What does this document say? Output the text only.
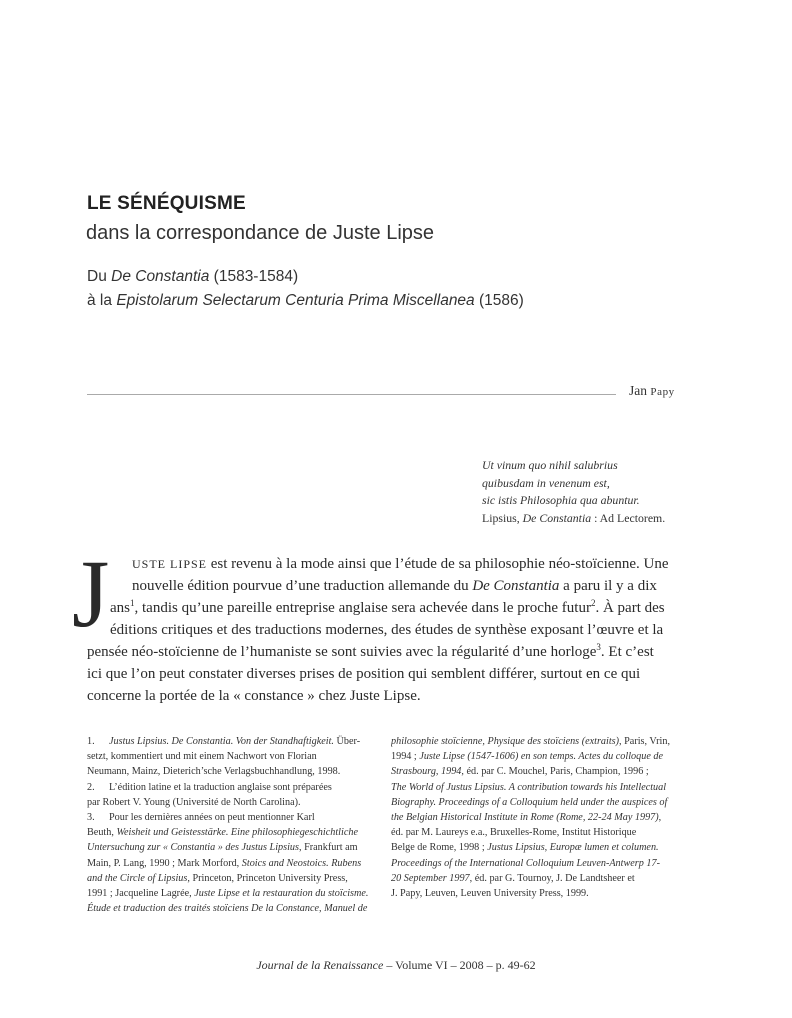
LE SÉNÉQUISME
dans la correspondance de Juste Lipse
Du De Constantia (1583-1584)
à la Epistolarum Selectarum Centuria Prima Miscellanea (1586)
Jan Papy
Ut vinum quo nihil salubrius
quibusdam in venenum est,
sic istis Philosophia qua abuntur.
Lipsius, De Constantia : Ad Lectorem.
J USTE LIPSE est revenu à la mode ainsi que l’étude de sa philosophie néo-stoïcienne. Une
nouvelle édition pourvue d’une traduction allemande du De Constantia a paru il y a dix
ans$^1$, tandis qu’une pareille entreprise anglaise sera achevée dans le proche futur$^2$. À part des
éditions critiques et des traductions modernes, des études de synthèse exposant l’œuvre et la
pensée néo-stoïcienne de l’humaniste se sont suivies avec la régularité d’une horloge$^3$. Et c’est
ici que l’on peut constater diverses prises de position qui semblent différer, surtout en ce qui
concerne la portée de la « constance » chez Juste Lipse.
1. Justus Lipsius. De Constantia. Von der Standhaftigkeit. Über-
setzt, kommentiert und mit einem Nachwort von Florian
Neumann, Mainz, Dieterich’sche Verlagsbuchhandlung, 1998.
2. L’édition latine et la traduction anglaise sont préparées
par Robert V. Young (Université de North Carolina).
3. Pour les dernières années on peut mentionner Karl
Beuth, Weisheit und Geistesstärke. Eine philosophiegeschichtliche
Untersuchung zur « Constantia » des Justus Lipsius, Frankfurt am
Main, P. Lang, 1990 ; Mark Morford, Stoics and Neostoics. Rubens
and the Circle of Lipsius, Princeton, Princeton University Press,
1991 ; Jacqueline Lagrée, Juste Lipse et la restauration du stoïcisme.
Étude et traduction des traités stoïciens De la Constance, Manuel de
philosophie stoïcienne, Physique des stoïciens (extraits), Paris, Vrin,
1994 ; Juste Lipse (1547-1606) en son temps. Actes du colloque de
Strasbourg, 1994, éd. par C. Mouchel, Paris, Champion, 1996 ;
The World of Justus Lipsius. A contribution towards his Intellectual
Biography. Proceedings of a Colloquium held under the auspices of
the Belgian Historical Institute in Rome (Rome, 22-24 May 1997),
éd. par M. Laureys e.a., Bruxelles-Rome, Institut Historique
Belge de Rome, 1998 ; Justus Lipsius, Europæ lumen et columen.
Proceedings of the International Colloquium Leuven-Antwerp 17-
20 September 1997, éd. par G. Tournoy, J. De Landtsheer et
J. Papy, Leuven, Leuven University Press, 1999.
Journal de la Renaissance – Volume VI – 2008 – p. 49-62
